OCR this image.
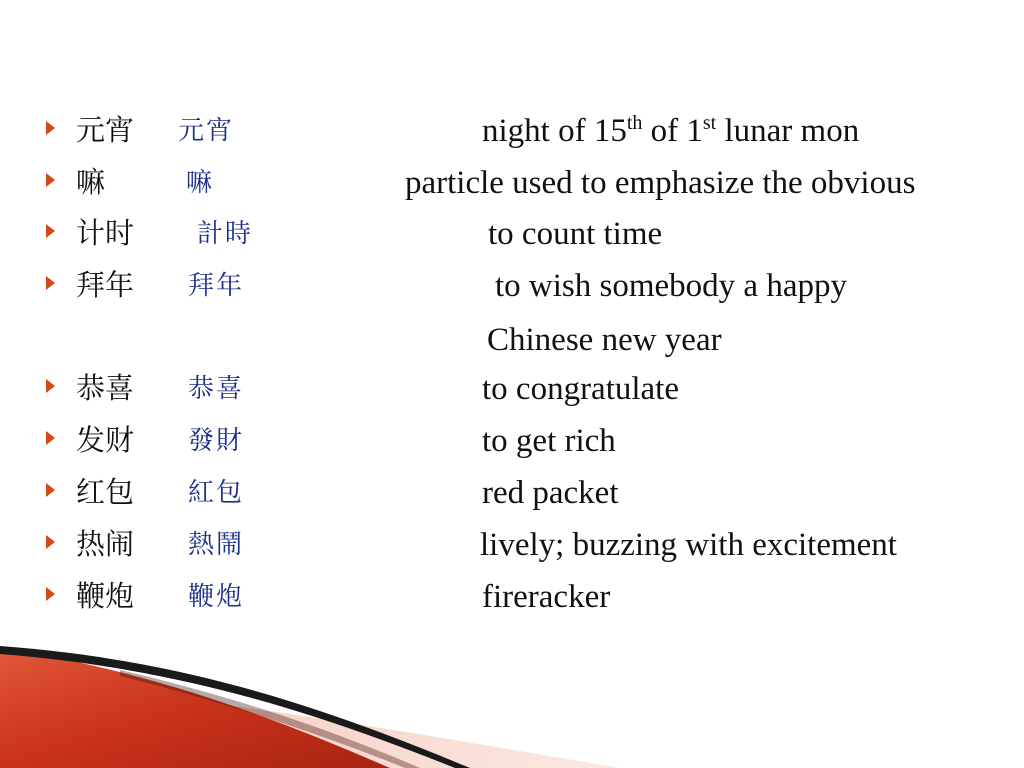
元宵 元宵	night of 15th of 1st lunar mon
嘛	嘛	particle used to emphasize the obvious
计时 計時	to count time
拜年 拜年	to wish somebody a happy
Chinese new year
恭喜 恭喜	to congratulate
发财 發財	to get rich
红包 紅包	red packet
热闹 熱鬧	lively; buzzing with excitement
鞭炮 鞭炮	fireracker
